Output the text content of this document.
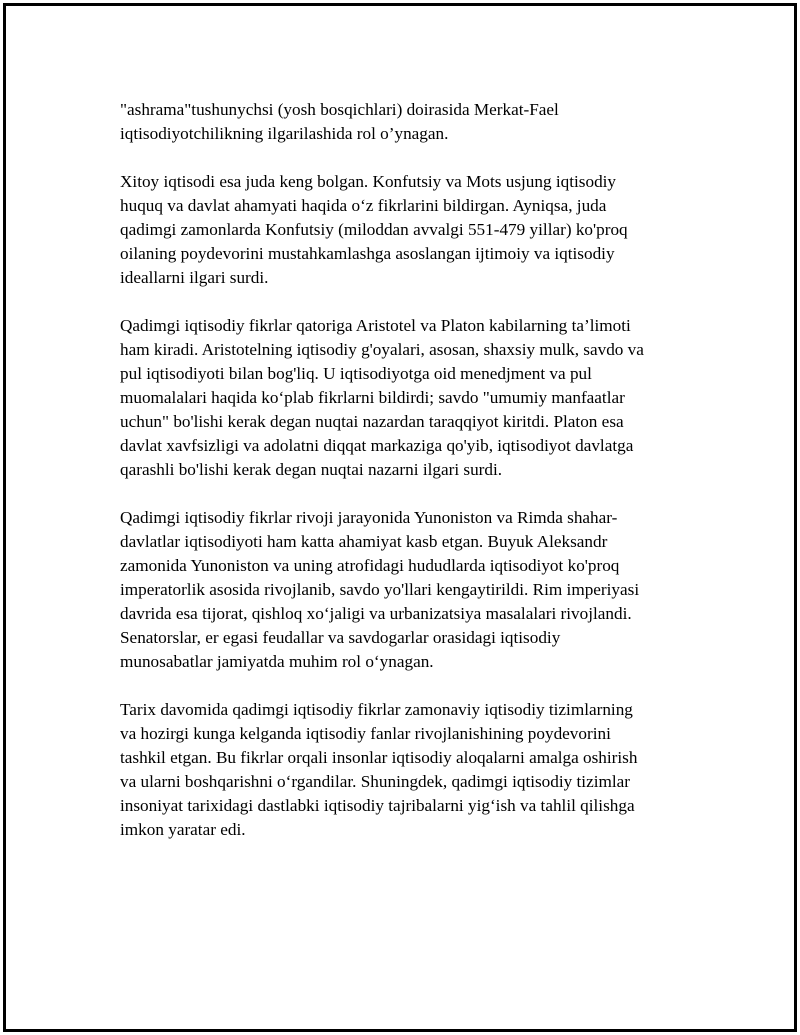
"ashrama"tushunychsi (yosh bosqichlari) doirasida Merkat-Fael
iqtisodiyotchilikning ilgarilashida rol o’ynagan.

Xitoy iqtisodi esa juda keng bolgan. Konfutsiy va Mots usjung iqtisodiy
huquq va davlat ahamyati haqida oʻz fikrlarini bildirgan. Ayniqsa, juda
qadimgi zamonlarda Konfutsiy (miloddan avvalgi 551-479 yillar) ko'proq
oilaning poydevorini mustahkamlashga asoslangan ijtimoiy va iqtisodiy
ideallarni ilgari surdi.

Qadimgi iqtisodiy fikrlar qatoriga Aristotel va Platon kabilarning ta’limoti
ham kiradi. Aristotelning iqtisodiy g'oyalari, asosan, shaxsiy mulk, savdo va
pul iqtisodiyoti bilan bog'liq. U iqtisodiyotga oid menedjment va pul
muomalalari haqida koʻplab fikrlarni bildirdi; savdo "umumiy manfaatlar
uchun" bo'lishi kerak degan nuqtai nazardan taraqqiyot kiritdi. Platon esa
davlat xavfsizligi va adolatni diqqat markaziga qo'yib, iqtisodiyot davlatga
qarashli bo'lishi kerak degan nuqtai nazarni ilgari surdi.

Qadimgi iqtisodiy fikrlar rivoji jarayonida Yunoniston va Rimda shahar-
davlatlar iqtisodiyoti ham katta ahamiyat kasb etgan. Buyuk Aleksandr
zamonida Yunoniston va uning atrofidagi hududlarda iqtisodiyot ko'proq
imperatorlik asosida rivojlanib, savdo yo'llari kengaytirildi. Rim imperiyasi
davrida esa tijorat, qishloq xoʻjaligi va urbanizatsiya masalalari rivojlandi.
Senatorslar, er egasi feudallar va savdogarlar orasidagi iqtisodiy
munosabatlar jamiyatda muhim rol oʻynagan.

Tarix davomida qadimgi iqtisodiy fikrlar zamonaviy iqtisodiy tizimlarning
va hozirgi kunga kelganda iqtisodiy fanlar rivojlanishining poydevorini
tashkil etgan. Bu fikrlar orqali insonlar iqtisodiy aloqalarni amalga oshirish
va ularni boshqarishni oʻrgandilar. Shuningdek, qadimgi iqtisodiy tizimlar
insoniyat tarixidagi dastlabki iqtisodiy tajribalarni yigʻish va tahlil qilishga
imkon yaratar edi.
